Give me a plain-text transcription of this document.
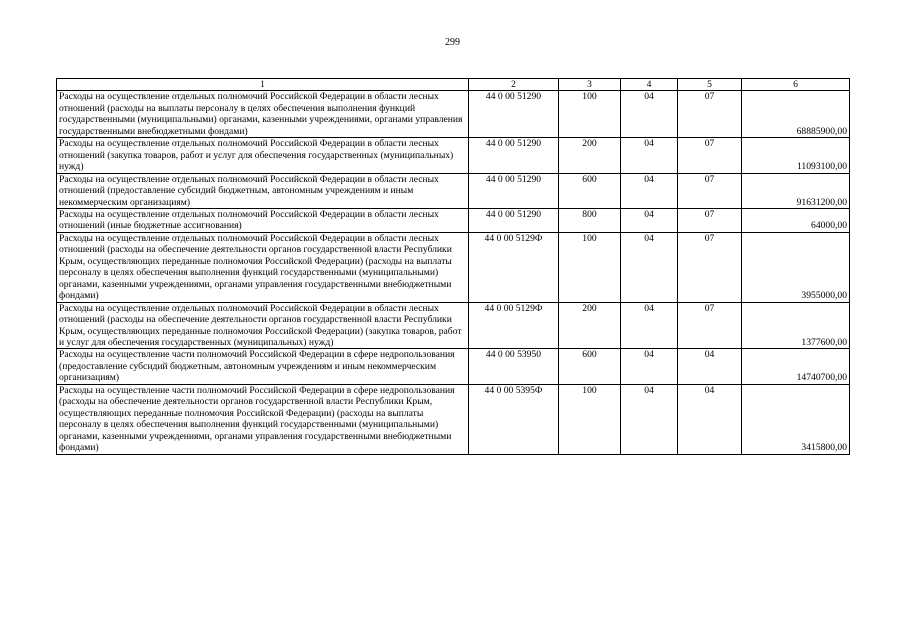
299
1	2	3	4	5	6
Расходы на осуществление отдельных полномочий Российской Федерации в области лесных отношений (расходы на выплаты персоналу в целях обеспечения выполнения функций государственными (муниципальными) органами, казенными учреждениями, органами управления государственными внебюджетными фондами)	44 0 00 51290	100	04	07	68885900,00
Расходы на осуществление отдельных полномочий Российской Федерации в области лесных отношений (закупка товаров, работ и услуг для обеспечения государственных (муниципальных) нужд)	44 0 00 51290	200	04	07	11093100,00
Расходы на осуществление отдельных полномочий Российской Федерации в области лесных отношений (предоставление субсидий бюджетным, автономным учреждениям и иным некоммерческим организациям)	44 0 00 51290	600	04	07	91631200,00
Расходы на осуществление отдельных полномочий Российской Федерации в области лесных отношений (иные бюджетные ассигнования)	44 0 00 51290	800	04	07	64000,00
Расходы на осуществление отдельных полномочий Российской Федерации в области лесных отношений (расходы на обеспечение деятельности органов государственной власти Республики Крым, осуществляющих переданные полномочия Российской Федерации) (расходы на выплаты персоналу в целях обеспечения выполнения функций государственными (муниципальными) органами, казенными учреждениями, органами управления государственными внебюджетными фондами)	44 0 00 5129Ф	100	04	07	3955000,00
Расходы на осуществление отдельных полномочий Российской Федерации в области лесных отношений (расходы на обеспечение деятельности органов государственной власти Республики Крым, осуществляющих переданные полномочия Российской Федерации) (закупка товаров, работ и услуг для обеспечения государственных (муниципальных) нужд)	44 0 00 5129Ф	200	04	07	1377600,00
Расходы на осуществление части полномочий Российской Федерации в сфере недропользования (предоставление субсидий бюджетным, автономным учреждениям и иным некоммерческим организациям)	44 0 00 53950	600	04	04	14740700,00
Расходы на осуществление части полномочий Российской Федерации в сфере недропользования (расходы на обеспечение деятельности органов государственной власти Республики Крым, осуществляющих переданные полномочия Российской Федерации) (расходы на выплаты персоналу в целях обеспечения выполнения функций государственными (муниципальными) органами, казенными учреждениями, органами управления государственными внебюджетными фондами)	44 0 00 5395Ф	100	04	04	3415800,00
